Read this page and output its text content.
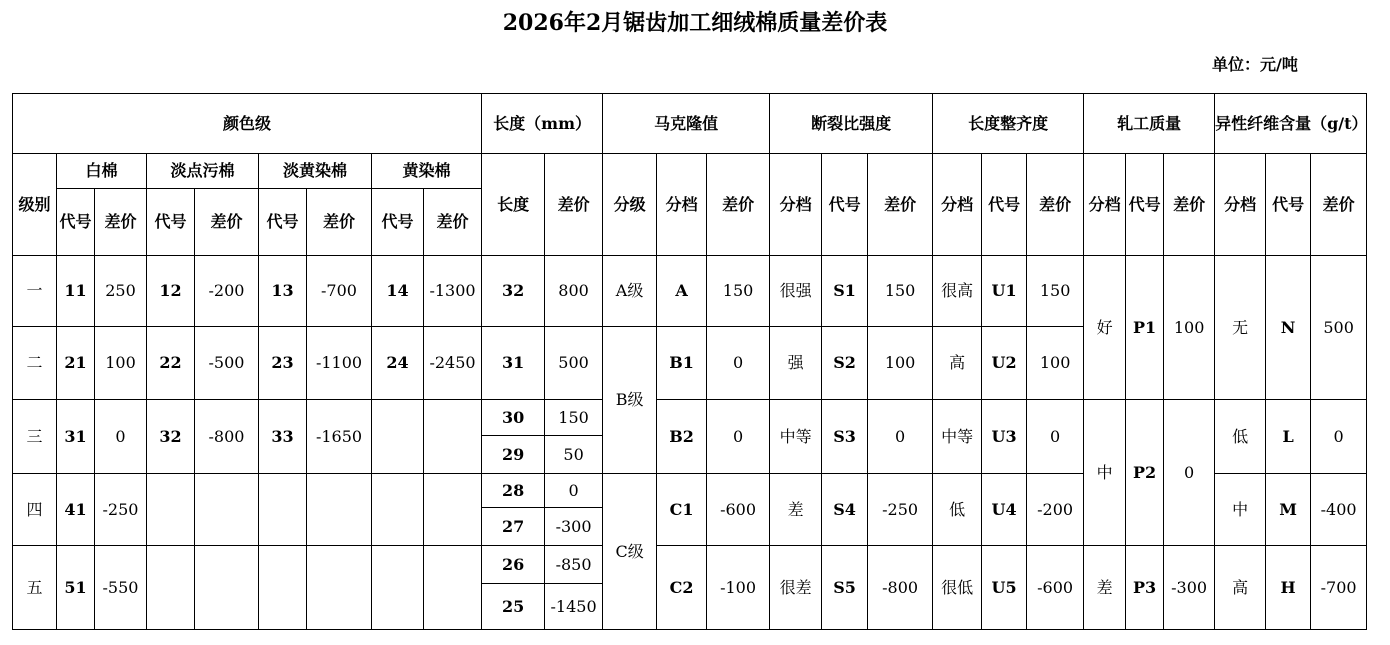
2026年2月锯齿加工细绒棉质量差价表
单位：元/吨
颜色级									长度（mm）		马克隆值			断裂比强度			长度整齐度			轧工质量			异性纤维含量（g/t）		
级别	白棉		淡点污棉		淡黄染棉		黄染棉		长度	差价	分级	分档	差价	分档	代号	差价	分档	代号	差价	分档	代号	差价	分档	代号	差价
	代号	差价	代号	差价	代号	差价	代号	差价																	
一	11	250	12	-200	13	-700	14	-1300	32	800	A级	A	150	很强	S1	150	很高	U1	150	好	P1	100	无	N	500
二	21	100	22	-500	23	-1100	24	-2450	31	500	B级	B1	0	强	S2	100	高	U2	100						
三	31	0	32	-800	33	-1650			30	150		B2	0	中等	S3	0	中等	U3	0	中	P2	0	低	L	0
									29	50															
四	41	-250							28	0	C级	C1	-600	差	S4	-250	低	U4	-200				中	M	-400
									27	-300															
五	51	-550							26	-850		C2	-100	很差	S5	-800	很低	U5	-600	差	P3	-300	高	H	-700
									25	-1450															
